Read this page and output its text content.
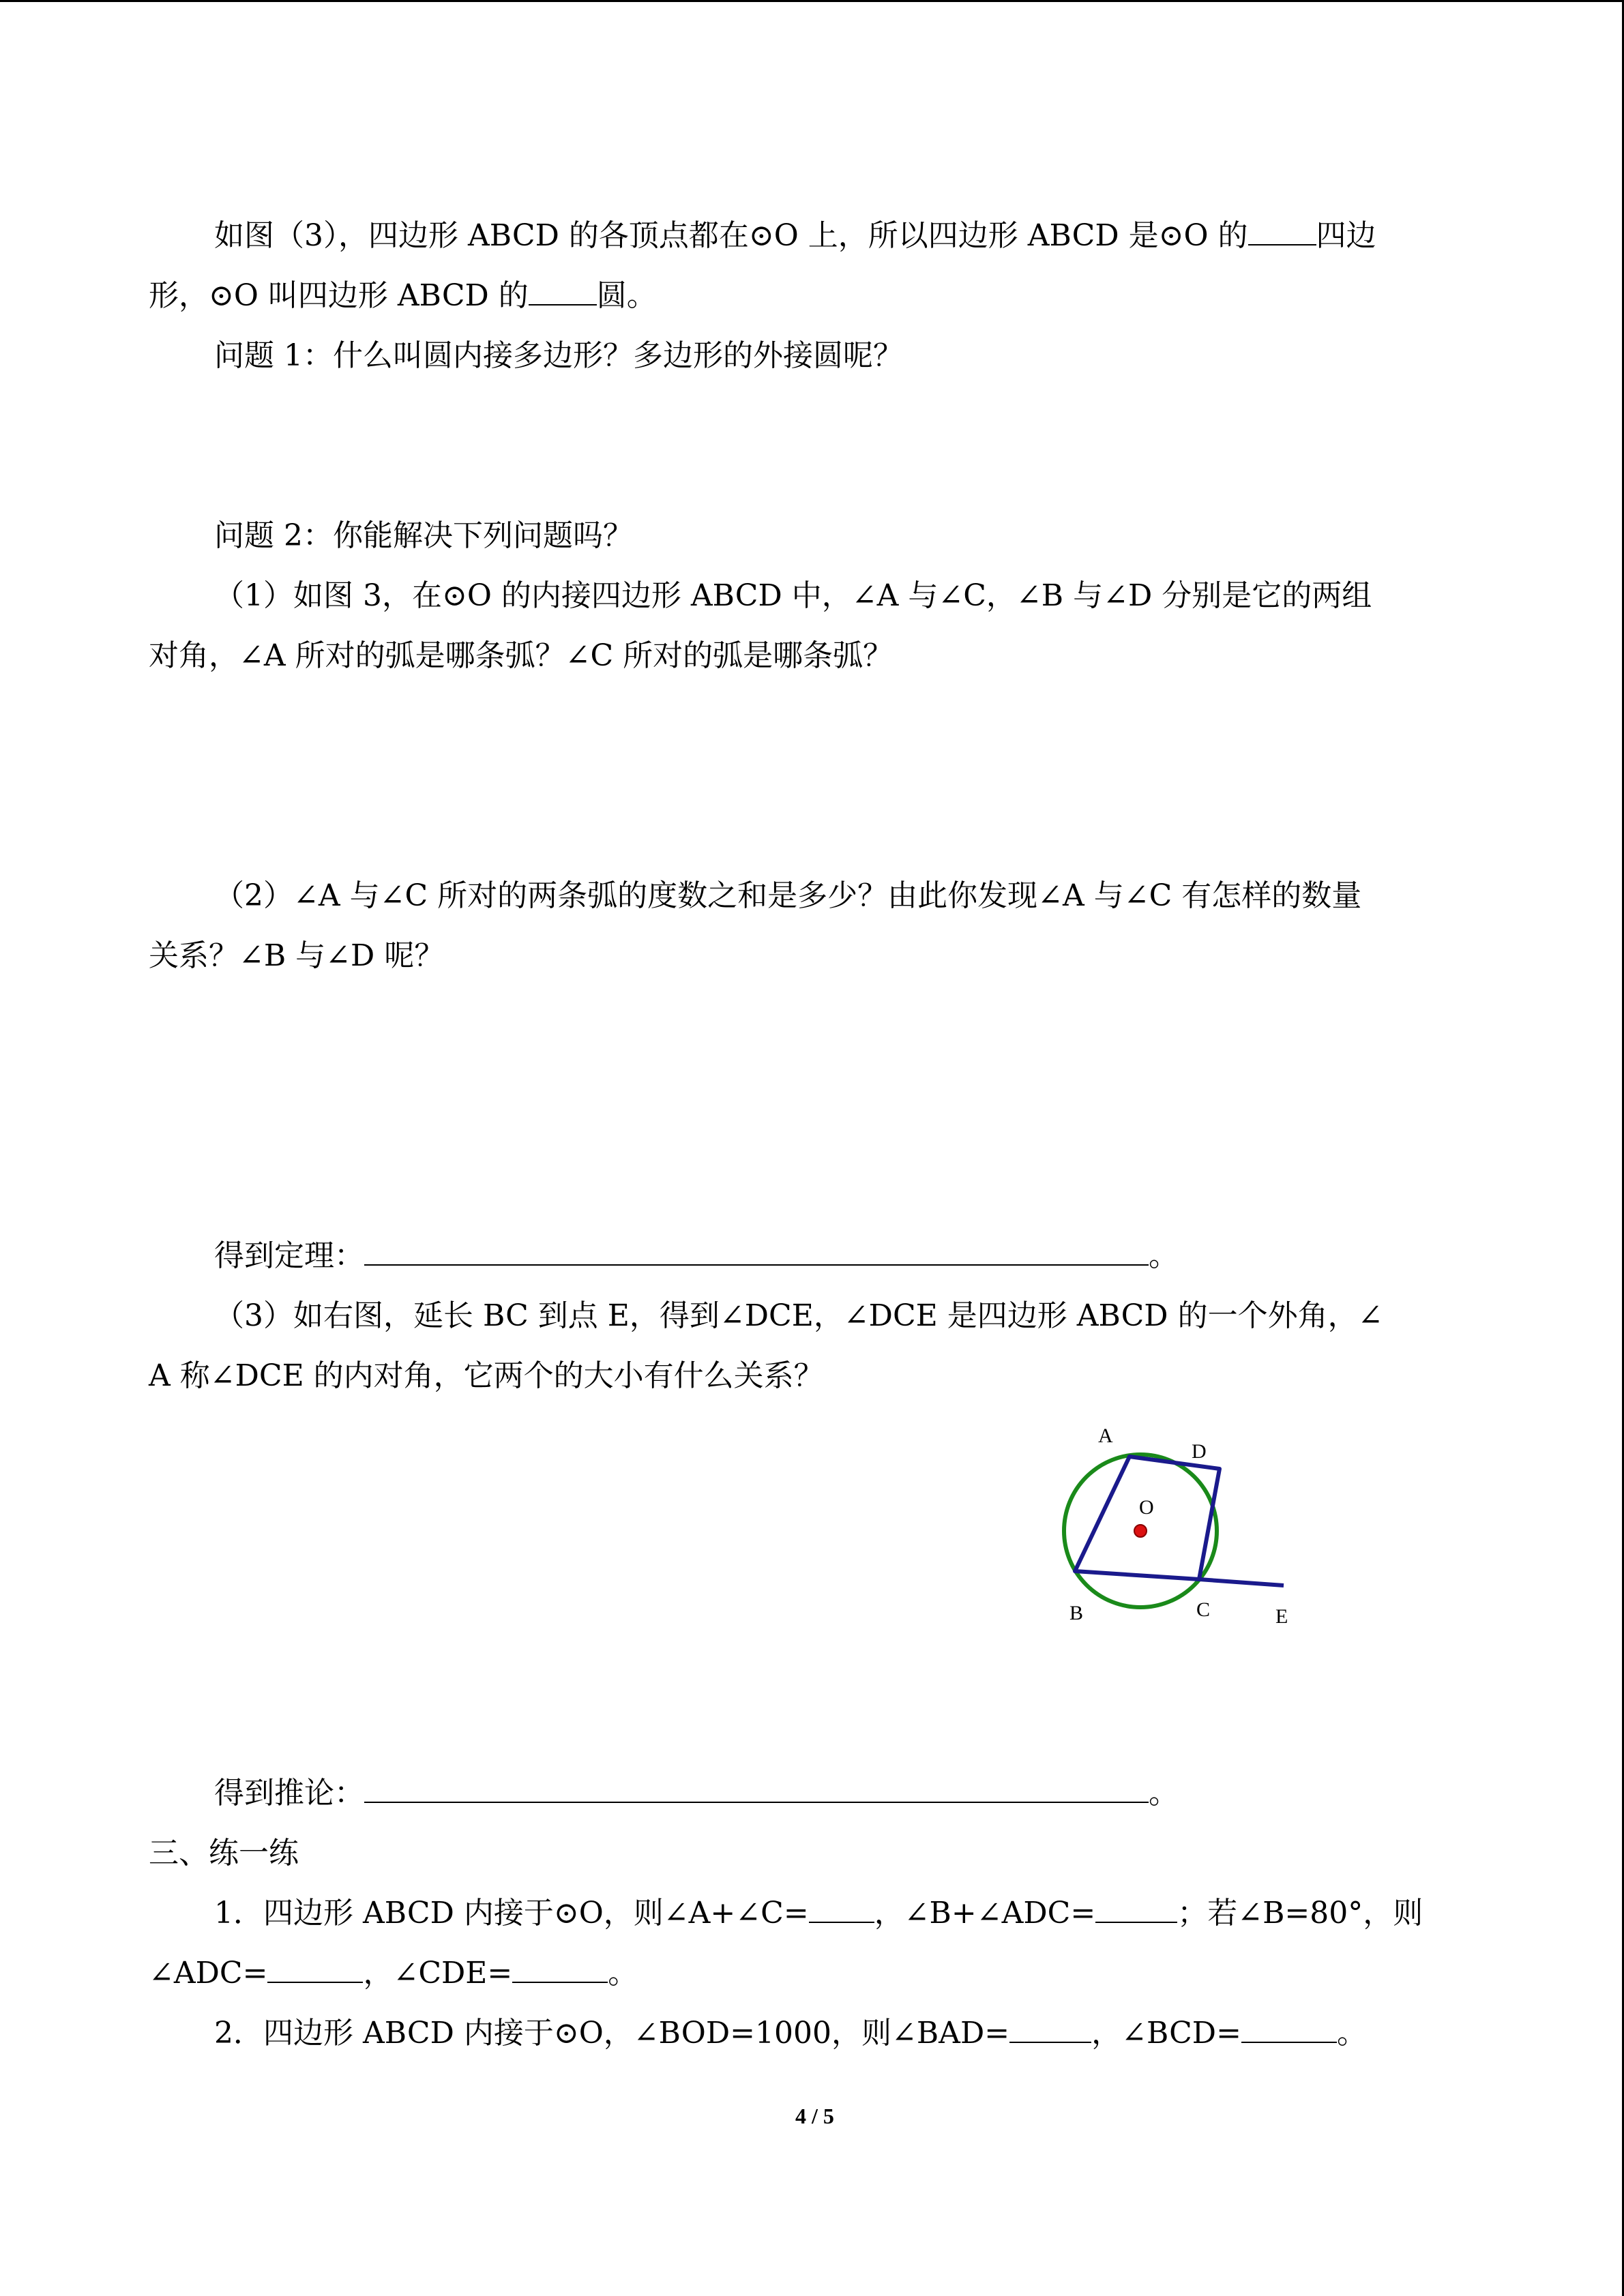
如图（3），四边形 ABCD 的各顶点都在⊙O 上，所以四边形 ABCD 是⊙O 的 四边
形，⊙O 叫四边形 ABCD 的 圆。
问题 1：什么叫圆内接多边形？多边形的外接圆呢？
问题 2：你能解决下列问题吗？
（1）如图 3，在⊙O 的内接四边形 ABCD 中，∠A 与∠C，∠B 与∠D 分别是它的两组
对角，∠A 所对的弧是哪条弧？∠C 所对的弧是哪条弧？
（2）∠A 与∠C 所对的两条弧的度数之和是多少？由此你发现∠A 与∠C 有怎样的数量
关系？∠B 与∠D 呢？
得到定理：	。
（3）如右图，延长 BC 到点 E，得到∠DCE，∠DCE 是四边形 ABCD 的一个外角，∠
A 称∠DCE 的内对角，它两个的大小有什么关系？
A
D
O
B	C	E
得到推论：	。
三、练一练
1．四边形 ABCD 内接于⊙O，则∠A+∠C= ，∠B+∠ADC=	；若∠B=80°，则
∠ADC=	，∠CDE=	。
2．四边形 ABCD 内接于⊙O，∠BOD=1000，则∠BAD=	，∠BCD=	。
4 / 5
